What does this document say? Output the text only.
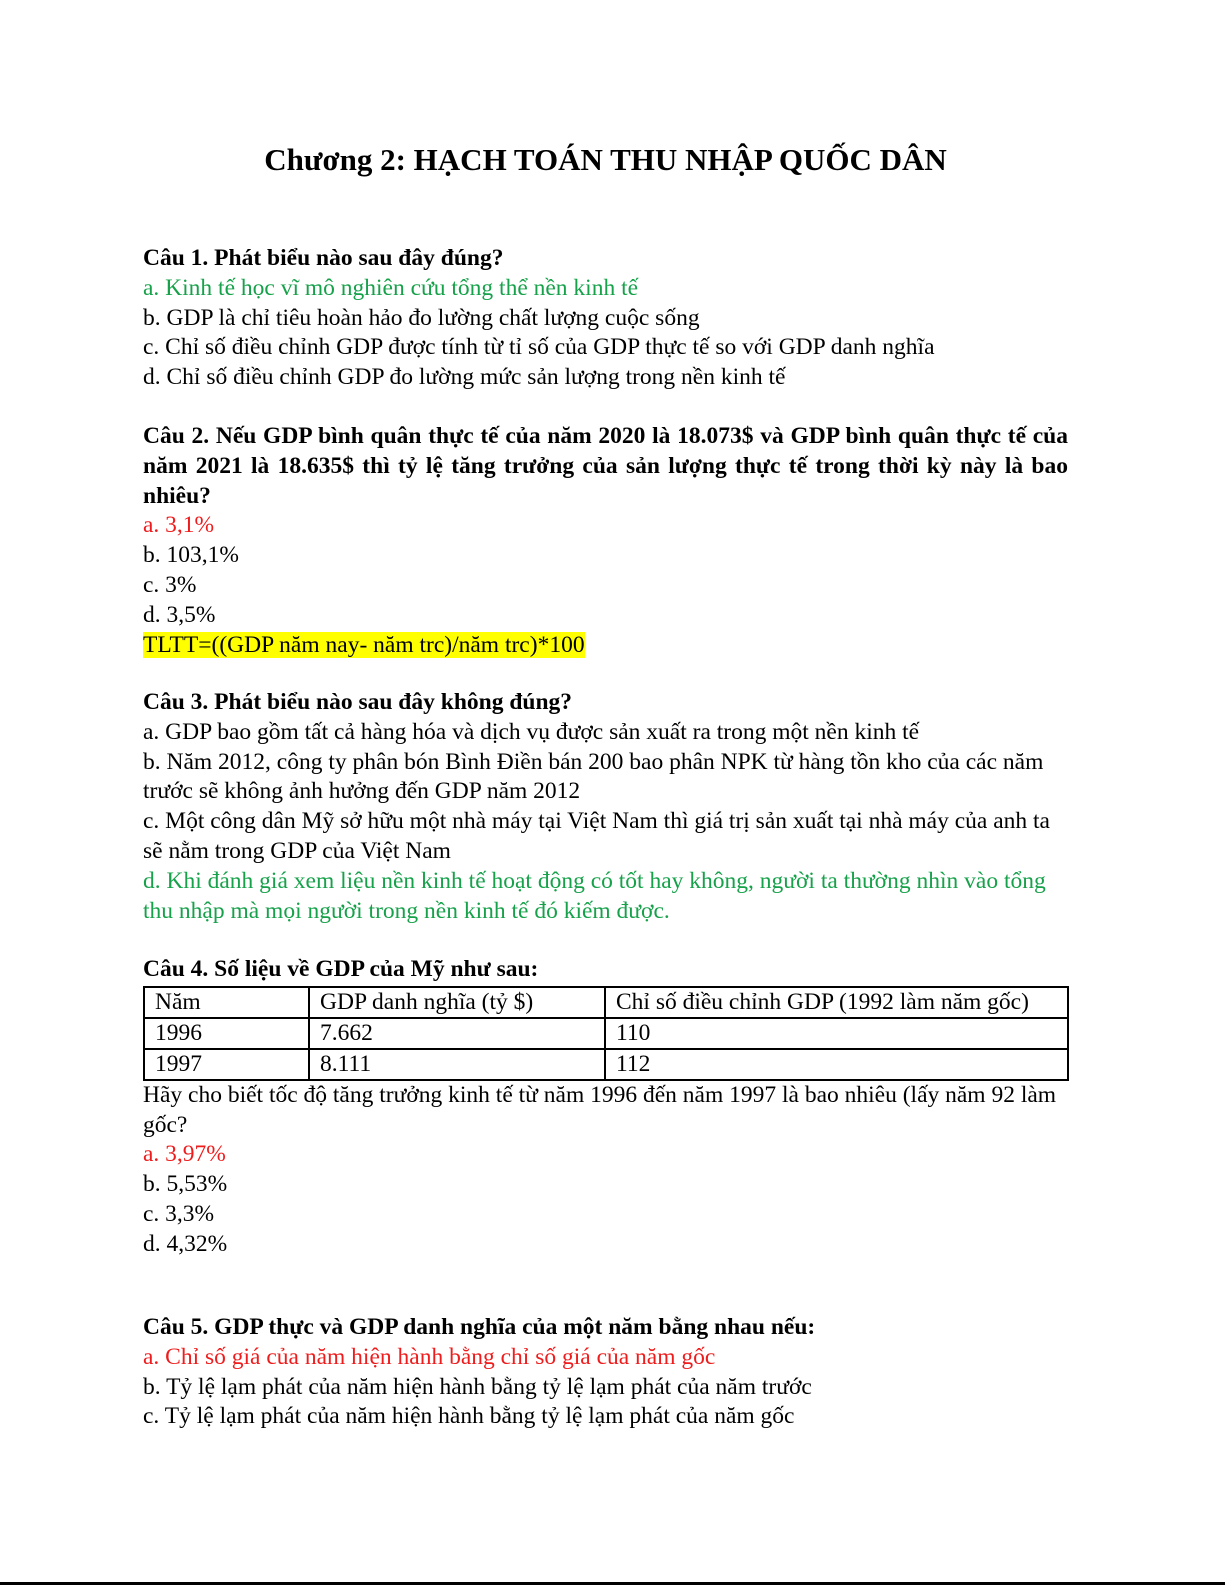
Chương 2: HẠCH TOÁN THU NHẬP QUỐC DÂN
Câu 1. Phát biểu nào sau đây đúng?
a. Kinh tế học vĩ mô nghiên cứu tổng thể nền kinh tế
b. GDP là chỉ tiêu hoàn hảo đo lường chất lượng cuộc sống
c. Chỉ số điều chỉnh GDP được tính từ tỉ số của GDP thực tế so với GDP danh nghĩa
d. Chỉ số điều chỉnh GDP đo lường mức sản lượng trong nền kinh tế
Câu 2. Nếu GDP bình quân thực tế của năm 2020 là 18.073$ và GDP bình quân thực tế của năm 2021 là 18.635$ thì tỷ lệ tăng trưởng của sản lượng thực tế trong thời kỳ này là bao nhiêu?
a. 3,1%
b. 103,1%
c. 3%
d. 3,5%
TLTT=((GDP năm nay- năm trc)/năm trc)*100
Câu 3. Phát biểu nào sau đây không đúng?
a. GDP bao gồm tất cả hàng hóa và dịch vụ được sản xuất ra trong một nền kinh tế
b. Năm 2012, công ty phân bón Bình Điền bán 200 bao phân NPK từ hàng tồn kho của các năm trước sẽ không ảnh hưởng đến GDP năm 2012
c. Một công dân Mỹ sở hữu một nhà máy tại Việt Nam thì giá trị sản xuất tại nhà máy của anh ta sẽ nằm trong GDP của Việt Nam
d. Khi đánh giá xem liệu nền kinh tế hoạt động có tốt hay không, người ta thường nhìn vào tổng thu nhập mà mọi người trong nền kinh tế đó kiếm được.
Câu 4. Số liệu về GDP của Mỹ như sau:
Năm	GDP danh nghĩa (tỷ $)	Chỉ số điều chỉnh GDP (1992 làm năm gốc)
1996	7.662	110
1997	8.111	112
Hãy cho biết tốc độ tăng trưởng kinh tế từ năm 1996 đến năm 1997 là bao nhiêu (lấy năm 92 làm gốc?
a. 3,97%
b. 5,53%
c. 3,3%
d. 4,32%
Câu 5. GDP thực và GDP danh nghĩa của một năm bằng nhau nếu:
a. Chỉ số giá của năm hiện hành bằng chỉ số giá của năm gốc
b. Tỷ lệ lạm phát của năm hiện hành bằng tỷ lệ lạm phát của năm trước
c. Tỷ lệ lạm phát của năm hiện hành bằng tỷ lệ lạm phát của năm gốc
